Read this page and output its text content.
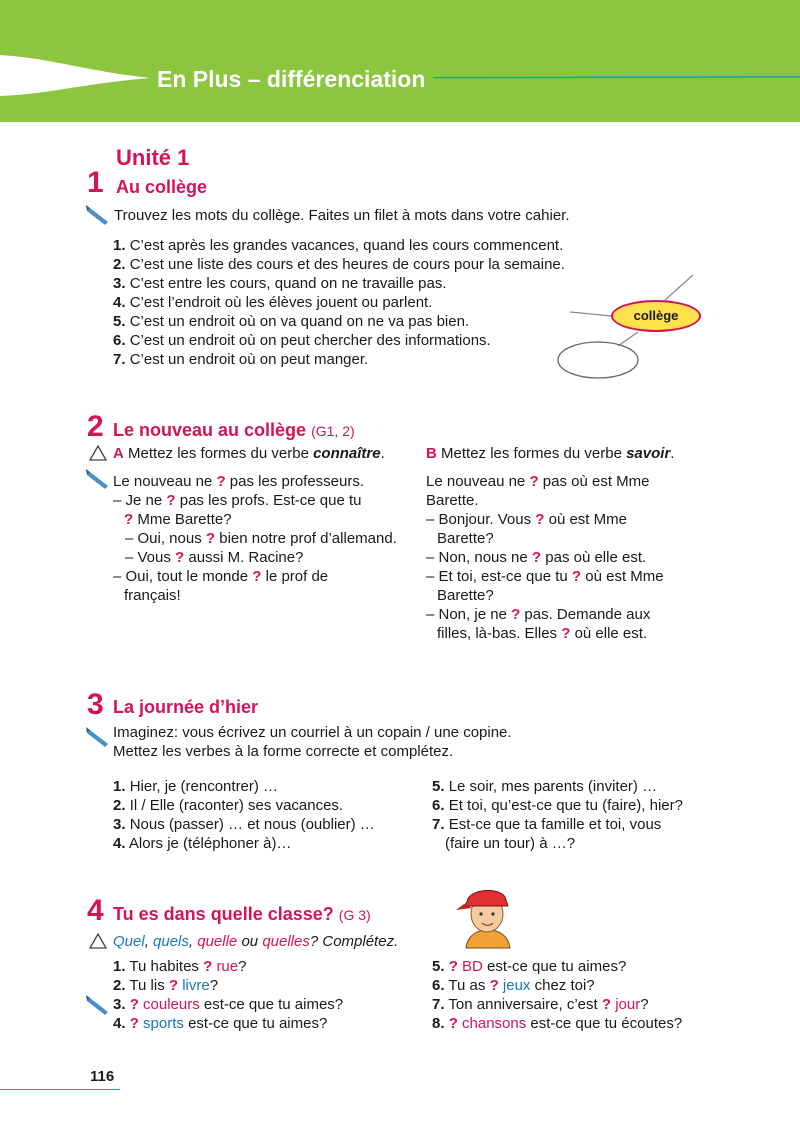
En Plus – différenciation
Unité 1
1 Au collège
Trouvez les mots du collège. Faites un filet à mots dans votre cahier.
1. C’est après les grandes vacances, quand les cours commencent.
2. C’est une liste des cours et des heures de cours pour la semaine.
3. C’est entre les cours, quand on ne travaille pas.
4. C’est l’endroit où les élèves jouent ou parlent.
5. C’est un endroit où on va quand on ne va pas bien.
6. C’est un endroit où on peut chercher des informations.
7. C’est un endroit où on peut manger.
collège
2 Le nouveau au collège (G1, 2)
A Mettez les formes du verbe connaître.	B Mettez les formes du verbe savoir.
Le nouveau ne ? pas les professeurs.
– Je ne ? pas les profs. Est-ce que tu
? Mme Barette?
– Oui, nous ? bien notre prof d’allemand.
– Vous ? aussi M. Racine?
– Oui, tout le monde ? le prof de
français!
Le nouveau ne ? pas où est Mme
Barette.
– Bonjour. Vous ? où est Mme
Barette?
– Non, nous ne ? pas où elle est.
– Et toi, est-ce que tu ? où est Mme
Barette?
– Non, je ne ? pas. Demande aux
filles, là-bas. Elles ? où elle est.
3 La journée d’hier
Imaginez: vous écrivez un courriel à un copain / une copine.
Mettez les verbes à la forme correcte et complétez.
1. Hier, je (rencontrer) …
2. Il / Elle (raconter) ses vacances.
3. Nous (passer) … et nous (oublier) …
4. Alors je (téléphoner à)…
5. Le soir, mes parents (inviter) …
6. Et toi, qu’est-ce que tu (faire), hier?
7. Est-ce que ta famille et toi, vous
(faire un tour) à …?
4 Tu es dans quelle classe? (G 3)
Quel, quels, quelle ou quelles? Complétez.
1. Tu habites ? rue?
2. Tu lis ? livre?
3. ? couleurs est-ce que tu aimes?
4. ? sports est-ce que tu aimes?
5. ? BD est-ce que tu aimes?
6. Tu as ? jeux chez toi?
7. Ton anniversaire, c’est ? jour?
8. ? chansons est-ce que tu écoutes?
116
